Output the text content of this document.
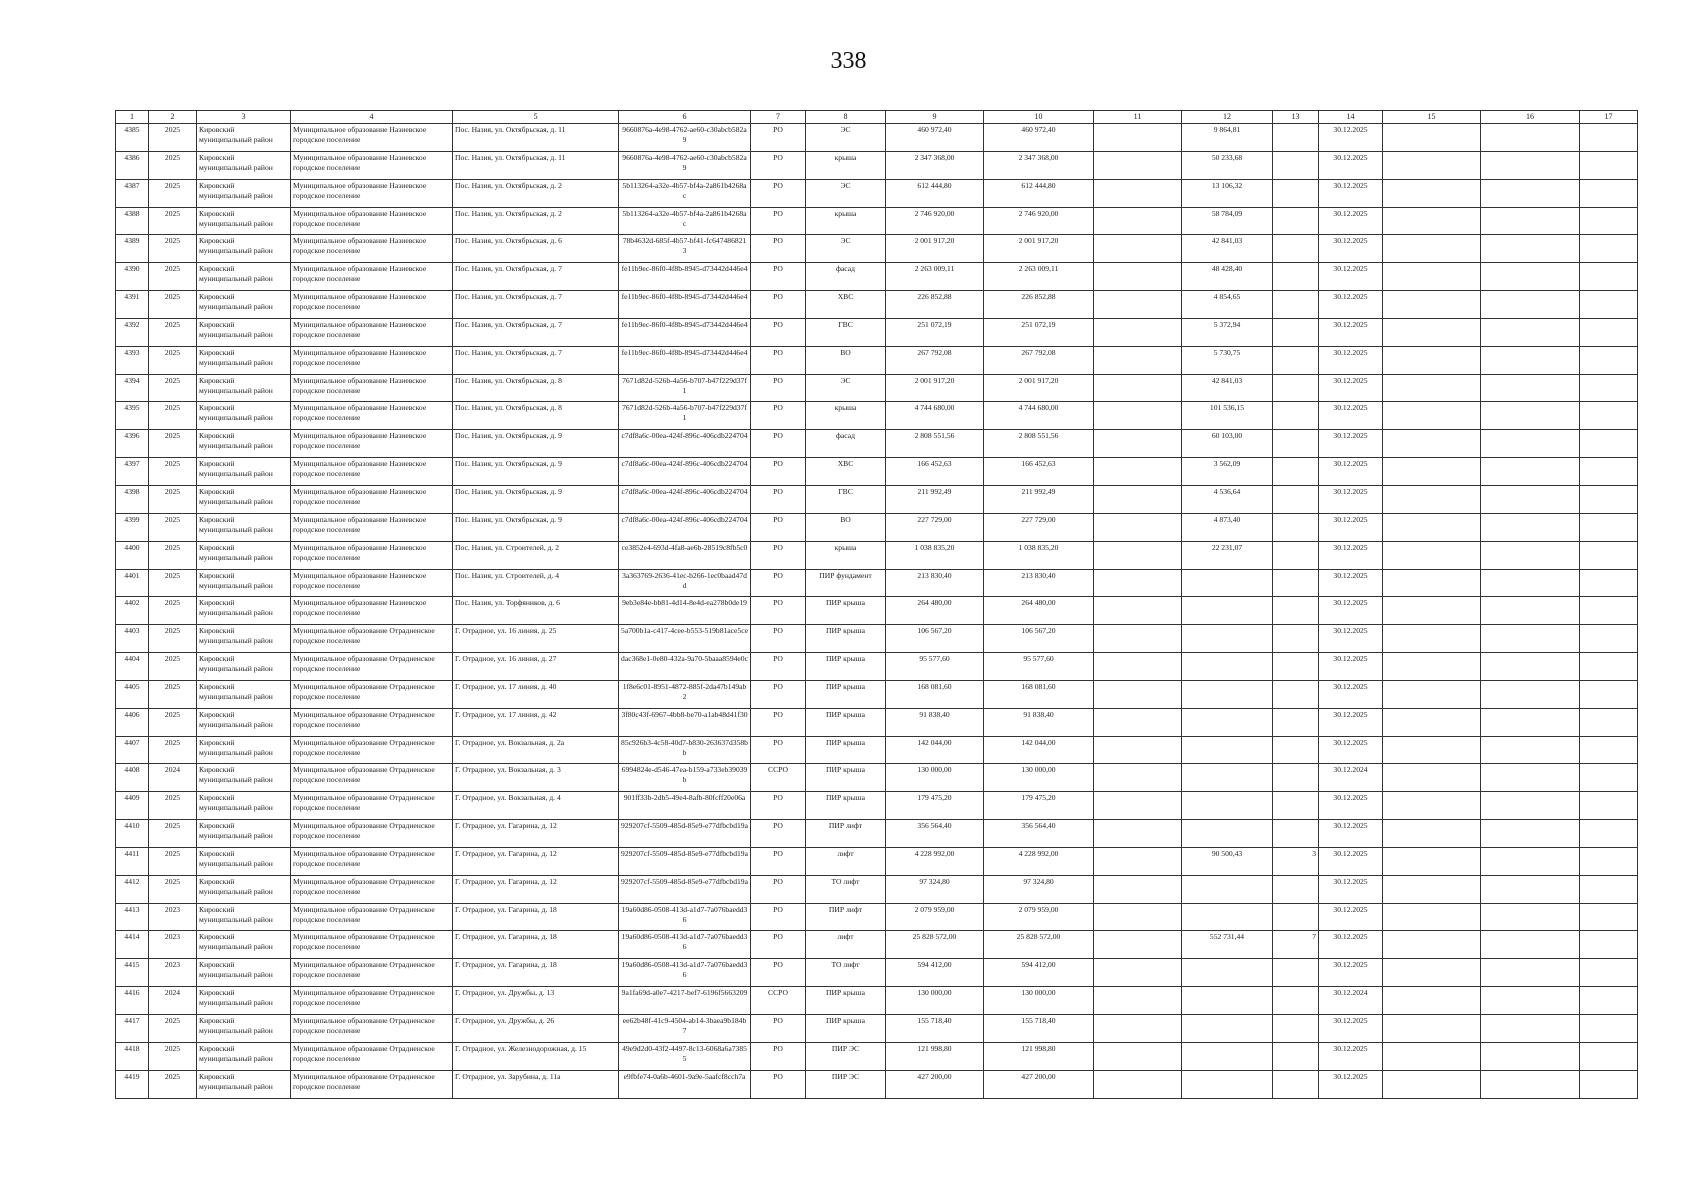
338
1	2	3	4	5	6	7	8	9	10	11	12	13	14	15	16	17
4385	2025	Кировский муниципальный район	Муниципальное образование Назиевское городское поселение	Пос. Назия, ул. Октябрьская, д. 11	9660876a-4e98-4762-ae60-c30abcb582a9	РО	ЭС	460 972,40	460 972,40		9 864,81		30.12.2025			
4386	2025	Кировский муниципальный район	Муниципальное образование Назиевское городское поселение	Пос. Назия, ул. Октябрьская, д. 11	9660876a-4e98-4762-ae60-c30abcb582a9	РО	крыша	2 347 368,00	2 347 368,00		50 233,68		30.12.2025			
4387	2025	Кировский муниципальный район	Муниципальное образование Назиевское городское поселение	Пос. Назия, ул. Октябрьская, д. 2	5b113264-a32e-4b57-bf4a-2a861b4268ac	РО	ЭС	612 444,80	612 444,80		13 106,32		30.12.2025			
4388	2025	Кировский муниципальный район	Муниципальное образование Назиевское городское поселение	Пос. Назия, ул. Октябрьская, д. 2	5b113264-a32e-4b57-bf4a-2a861b4268ac	РО	крыша	2 746 920,00	2 746 920,00		58 784,09		30.12.2025			
4389	2025	Кировский муниципальный район	Муниципальное образование Назиевское городское поселение	Пос. Назия, ул. Октябрьская, д. 6	78b4632d-685f-4b57-bf41-fc6474868213	РО	ЭС	2 001 917,20	2 001 917,20		42 841,03		30.12.2025			
4390	2025	Кировский муниципальный район	Муниципальное образование Назиевское городское поселение	Пос. Назия, ул. Октябрьская, д. 7	fe11b9ec-86f0-4f8b-8945-d73442d446e4	РО	фасад	2 263 009,11	2 263 009,11		48 428,40		30.12.2025			
4391	2025	Кировский муниципальный район	Муниципальное образование Назиевское городское поселение	Пос. Назия, ул. Октябрьская, д. 7	fe11b9ec-86f0-4f8b-8945-d73442d446e4	РО	ХВС	226 852,88	226 852,88		4 854,65		30.12.2025			
4392	2025	Кировский муниципальный район	Муниципальное образование Назиевское городское поселение	Пос. Назия, ул. Октябрьская, д. 7	fe11b9ec-86f0-4f8b-8945-d73442d446e4	РО	ГВС	251 072,19	251 072,19		5 372,94		30.12.2025			
4393	2025	Кировский муниципальный район	Муниципальное образование Назиевское городское поселение	Пос. Назия, ул. Октябрьская, д. 7	fe11b9ec-86f0-4f8b-8945-d73442d446e4	РО	ВО	267 792,08	267 792,08		5 730,75		30.12.2025			
4394	2025	Кировский муниципальный район	Муниципальное образование Назиевское городское поселение	Пос. Назия, ул. Октябрьская, д. 8	7671d82d-526b-4a56-b707-b47f229d37f1	РО	ЭС	2 001 917,20	2 001 917,20		42 841,03		30.12.2025			
4395	2025	Кировский муниципальный район	Муниципальное образование Назиевское городское поселение	Пос. Назия, ул. Октябрьская, д. 8	7671d82d-526b-4a56-b707-b47f229d37f1	РО	крыша	4 744 680,00	4 744 680,00		101 536,15		30.12.2025			
4396	2025	Кировский муниципальный район	Муниципальное образование Назиевское городское поселение	Пос. Назия, ул. Октябрьская, д. 9	c7df8a6c-00ea-424f-896c-406cdb224704	РО	фасад	2 808 551,56	2 808 551,56		60 103,00		30.12.2025			
4397	2025	Кировский муниципальный район	Муниципальное образование Назиевское городское поселение	Пос. Назия, ул. Октябрьская, д. 9	c7df8a6c-00ea-424f-896c-406cdb224704	РО	ХВС	166 452,63	166 452,63		3 562,09		30.12.2025			
4398	2025	Кировский муниципальный район	Муниципальное образование Назиевское городское поселение	Пос. Назия, ул. Октябрьская, д. 9	c7df8a6c-00ea-424f-896c-406cdb224704	РО	ГВС	211 992,49	211 992,49		4 536,64		30.12.2025			
4399	2025	Кировский муниципальный район	Муниципальное образование Назиевское городское поселение	Пос. Назия, ул. Октябрьская, д. 9	c7df8a6c-00ea-424f-896c-406cdb224704	РО	ВО	227 729,00	227 729,00		4 873,40		30.12.2025			
4400	2025	Кировский муниципальный район	Муниципальное образование Назиевское городское поселение	Пос. Назия, ул. Строителей, д. 2	ce3852e4-693d-4fa8-ae6b-28519c8fb5c0	РО	крыша	1 038 835,20	1 038 835,20		22 231,07		30.12.2025			
4401	2025	Кировский муниципальный район	Муниципальное образование Назиевское городское поселение	Пос. Назия, ул. Строителей, д. 4	3a363769-2636-41ec-b266-1ec0baad47dd	РО	ПИР фундамент	213 830,40	213 830,40				30.12.2025			
4402	2025	Кировский муниципальный район	Муниципальное образование Назиевское городское поселение	Пос. Назия, ул. Торфяников, д. 6	9eb3e84e-bb81-4d14-8e4d-ea278b0de19	РО	ПИР крыша	264 480,00	264 480,00				30.12.2025			
4403	2025	Кировский муниципальный район	Муниципальное образование Отрадненское городское поселение	Г. Отрадное, ул. 16 линия, д. 25	5a700b1a-c417-4cee-b553-519b81ace5ce	РО	ПИР крыша	106 567,20	106 567,20				30.12.2025			
4404	2025	Кировский муниципальный район	Муниципальное образование Отрадненское городское поселение	Г. Отрадное, ул. 16 линия, д. 27	dac368e1-0e80-432a-9a70-5baaa8594e0c	РО	ПИР крыша	95 577,60	95 577,60				30.12.2025			
4405	2025	Кировский муниципальный район	Муниципальное образование Отрадненское городское поселение	Г. Отрадное, ул. 17 линия, д. 40	1f8e6c01-8951-4872-885f-2da47b149ab2	РО	ПИР крыша	168 081,60	168 081,60				30.12.2025			
4406	2025	Кировский муниципальный район	Муниципальное образование Отрадненское городское поселение	Г. Отрадное, ул. 17 линия, д. 42	3f80c43f-6967-4bb8-be70-a1ab48d41f30	РО	ПИР крыша	91 838,40	91 838,40				30.12.2025			
4407	2025	Кировский муниципальный район	Муниципальное образование Отрадненское городское поселение	Г. Отрадное, ул. Вокзальная, д. 2а	85c926b3-4c58-40d7-b830-263637d358bb	РО	ПИР крыша	142 044,00	142 044,00				30.12.2025			
4408	2024	Кировский муниципальный район	Муниципальное образование Отрадненское городское поселение	Г. Отрадное, ул. Вокзальная, д. 3	6994824e-d546-47ea-b159-a733eb39039b	ССРО	ПИР крыша	130 000,00	130 000,00				30.12.2024			
4409	2025	Кировский муниципальный район	Муниципальное образование Отрадненское городское поселение	Г. Отрадное, ул. Вокзальная, д. 4	901ff33b-2db5-49e4-8afb-80fcff20e06a	РО	ПИР крыша	179 475,20	179 475,20				30.12.2025			
4410	2025	Кировский муниципальный район	Муниципальное образование Отрадненское городское поселение	Г. Отрадное, ул. Гагарина, д. 12	929207cf-5509-485d-85e9-e77dfbcbd19a	РО	ПИР лифт	356 564,40	356 564,40				30.12.2025			
4411	2025	Кировский муниципальный район	Муниципальное образование Отрадненское городское поселение	Г. Отрадное, ул. Гагарина, д. 12	929207cf-5509-485d-85e9-e77dfbcbd19a	РО	лифт	4 228 992,00	4 228 992,00		90 500,43	3	30.12.2025			
4412	2025	Кировский муниципальный район	Муниципальное образование Отрадненское городское поселение	Г. Отрадное, ул. Гагарина, д. 12	929207cf-5509-485d-85e9-e77dfbcbd19a	РО	ТО лифт	97 324,80	97 324,80				30.12.2025			
4413	2023	Кировский муниципальный район	Муниципальное образование Отрадненское городское поселение	Г. Отрадное, ул. Гагарина, д. 18	19a60d86-0508-413d-a1d7-7a076baedd36	РО	ПИР лифт	2 079 959,00	2 079 959,00				30.12.2025			
4414	2023	Кировский муниципальный район	Муниципальное образование Отрадненское городское поселение	Г. Отрадное, ул. Гагарина, д. 18	19a60d86-0508-413d-a1d7-7a076baedd36	РО	лифт	25 828 572,00	25 828 572,00		552 731,44	7	30.12.2025			
4415	2023	Кировский муниципальный район	Муниципальное образование Отрадненское городское поселение	Г. Отрадное, ул. Гагарина, д. 18	19a60d86-0508-413d-a1d7-7a076baedd36	РО	ТО лифт	594 412,00	594 412,00				30.12.2025			
4416	2024	Кировский муниципальный район	Муниципальное образование Отрадненское городское поселение	Г. Отрадное, ул. Дружбы, д. 13	9a1fa69d-a0e7-4217-bef7-6196f5663209	ССРО	ПИР крыша	130 000,00	130 000,00				30.12.2024			
4417	2025	Кировский муниципальный район	Муниципальное образование Отрадненское городское поселение	Г. Отрадное, ул. Дружбы, д. 26	ee62b48f-41c9-4504-ab14-3baea9b184b7	РО	ПИР крыша	155 718,40	155 718,40				30.12.2025			
4418	2025	Кировский муниципальный район	Муниципальное образование Отрадненское городское поселение	Г. Отрадное, ул. Железнодорожная, д. 15	49e9d2d0-43f2-4497-8c13-6068a6a73855	РО	ПИР ЭС	121 998,80	121 998,80				30.12.2025			
4419	2025	Кировский муниципальный район	Муниципальное образование Отрадненское городское поселение	Г. Отрадное, ул. Зарубина, д. 11а	e9fbfe74-0a6b-4601-9a9e-5aafcf8cch7a	РО	ПИР ЭС	427 200,00	427 200,00				30.12.2025			
